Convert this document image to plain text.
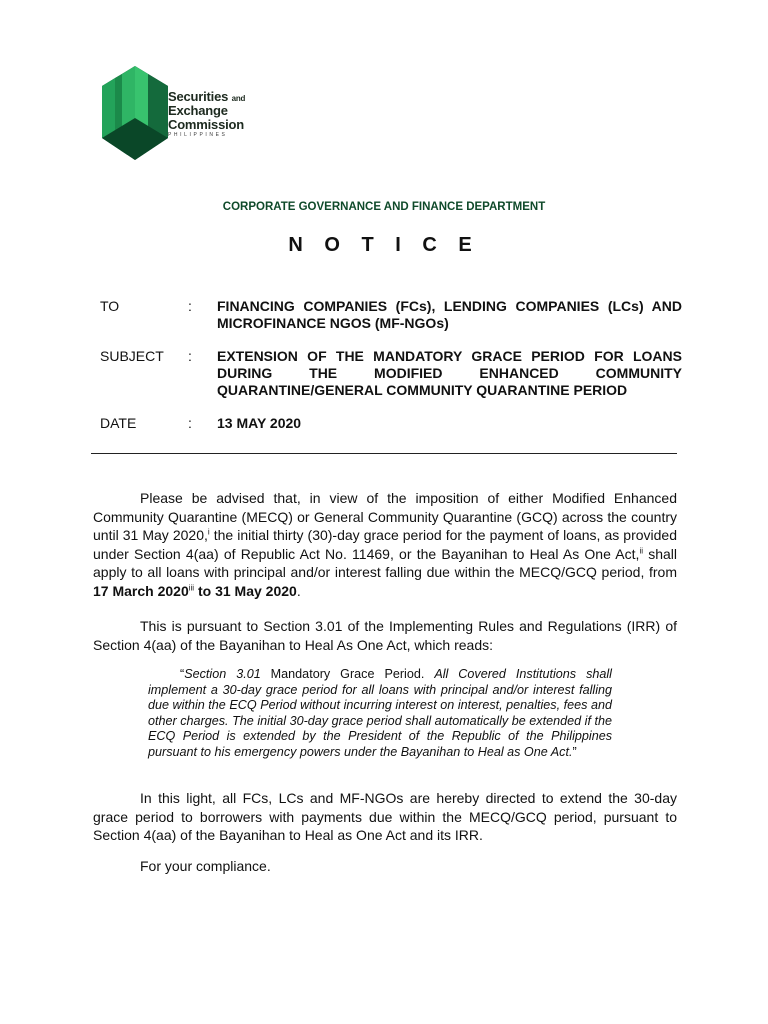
Securities and
Exchange
Commission
PHILIPPINES
CORPORATE GOVERNANCE AND FINANCE DEPARTMENT
N O T I C E
TO	: FINANCING COMPANIES (FCs), LENDING COMPANIES (LCs) AND MICROFINANCE NGOS (MF-NGOs)
SUBJECT : EXTENSION OF THE MANDATORY GRACE PERIOD FOR LOANS DURING THE MODIFIED ENHANCED COMMUNITY QUARANTINE/GENERAL COMMUNITY QUARANTINE PERIOD
DATE	: 13 MAY 2020

Please be advised that, in view of the imposition of either Modified Enhanced Community Quarantine (MECQ) or General Community Quarantine (GCQ) across the country until 31 May 2020,$^i$ the initial thirty (30)-day grace period for the payment of loans, as provided under Section 4(aa) of Republic Act No. 11469, or the Bayanihan to Heal As One Act,$^{ii}$ shall apply to all loans with principal and/or interest falling due within the MECQ/GCQ period, from 17 March 2020$^{iii}$ to 31 May 2020.

This is pursuant to Section 3.01 of the Implementing Rules and Regulations (IRR) of Section 4(aa) of the Bayanihan to Heal As One Act, which reads:

“Section 3.01 Mandatory Grace Period. All Covered Institutions shall implement a 30-day grace period for all loans with principal and/or interest falling due within the ECQ Period without incurring interest on interest, penalties, fees and other charges. The initial 30-day grace period shall automatically be extended if the ECQ Period is extended by the President of the Republic of the Philippines pursuant to his emergency powers under the Bayanihan to Heal as One Act.”

In this light, all FCs, LCs and MF-NGOs are hereby directed to extend the 30-day grace period to borrowers with payments due within the MECQ/GCQ period, pursuant to Section 4(aa) of the Bayanihan to Heal as One Act and its IRR.

For your compliance.
